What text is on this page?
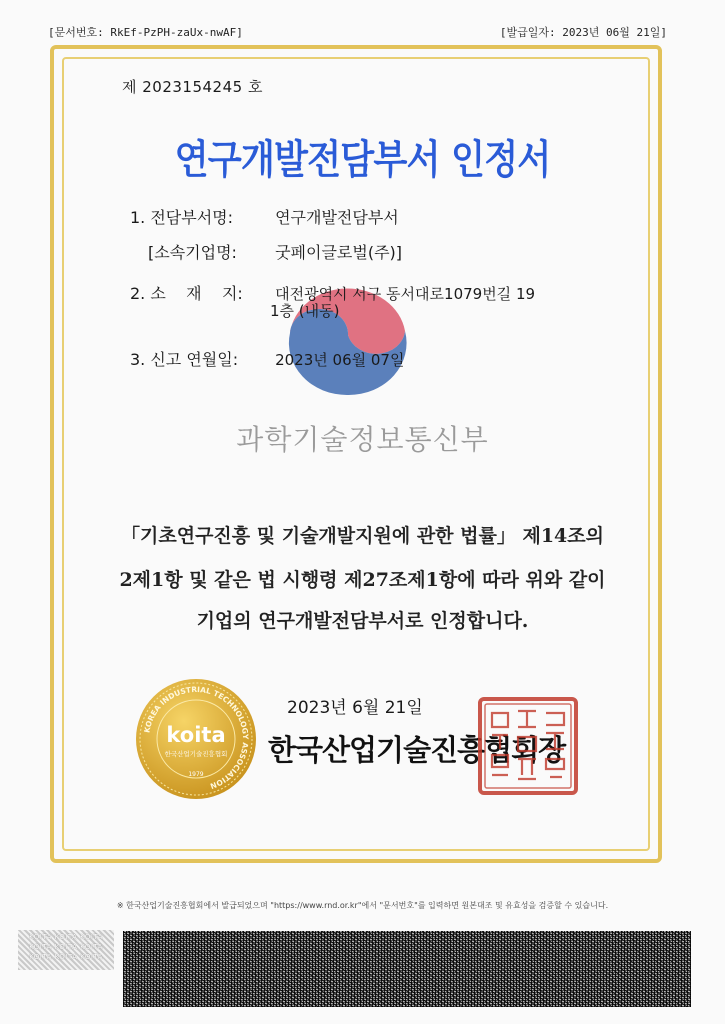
[문서번호: RkEf-PzPH-zaUx-nwAF]	[발급일자: 2023년 06월 21일]
제 2023154245 호
연구개발전담부서 인정서
1. 전담부서명:	연구개발전담부서
[소속기업명: 굿페이글로벌(주)]
2. 소    재    지: 대전광역시 서구 동서대로1079번길 19
1층 (내동)
3. 신고 연월일: 2023년 06월 07일
과학기술정보통신부
「기초연구진흥 및 기술개발지원에 관한 법률」 제14조의
2제1항 및 같은 법 시행령 제27조제1항에 따라 위와 같이
기업의 연구개발전담부서로 인정합니다.
2023년 6월 21일
KOREA INDUSTRIAL TECHNOLOGY ASSOCIATION
koita
한국산업기술진흥협회
1979
한국산업기술진흥협회장
※ 한국산업기술진흥협회에서 발급되었으며 "https://www.rnd.or.kr"에서 "문서번호"를 입력하면 원본대조 및 유효성을 검증할 수 있습니다.
KOITA KOITA KOITA
KOITA KOITA KOITA
KOITA KOITA KOITA
